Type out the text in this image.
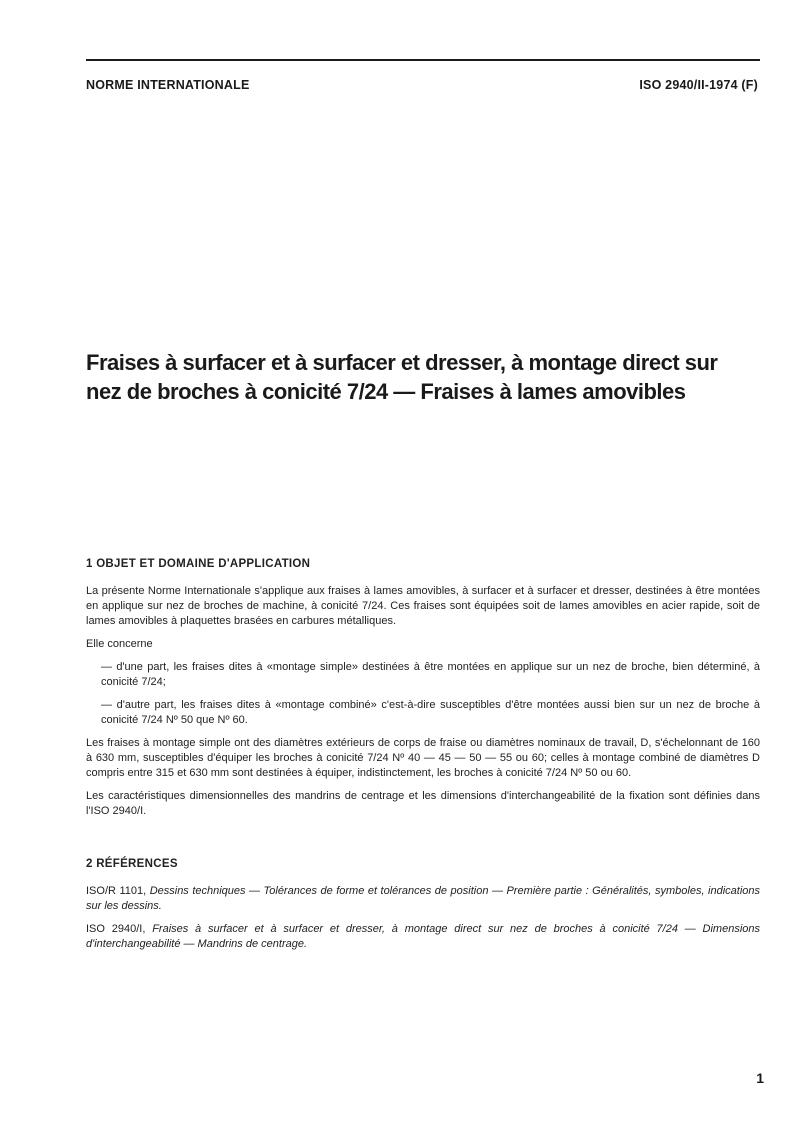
NORME INTERNATIONALE	ISO 2940/II-1974 (F)
Fraises à surfacer et à surfacer et dresser, à montage direct sur
nez de broches à conicité 7/24 — Fraises à lames amovibles
1 OBJET ET DOMAINE D'APPLICATION

La présente Norme Internationale s'applique aux fraises à lames amovibles, à surfacer et à surfacer et dresser, destinées à être montées en applique sur nez de broches de machine, à conicité 7/24. Ces fraises sont équipées soit de lames amovibles en acier rapide, soit de lames amovibles à plaquettes brasées en carbures métalliques.

Elle concerne

— d'une part, les fraises dites à «montage simple» destinées à être montées en applique sur un nez de broche, bien déterminé, à conicité 7/24;

— d'autre part, les fraises dites à «montage combiné» c'est-à-dire susceptibles d'être montées aussi bien sur un nez de broche à conicité 7/24 Nº 50 que Nº 60.

Les fraises à montage simple ont des diamètres extérieurs de corps de fraise ou diamètres nominaux de travail, D, s'échelonnant de 160 à 630 mm, susceptibles d'équiper les broches à conicité 7/24 Nº 40 — 45 — 50 — 55 ou 60; celles à montage combiné de diamètres D compris entre 315 et 630 mm sont destinées à équiper, indistinctement, les broches à conicité 7/24 Nº 50 ou 60.

Les caractéristiques dimensionnelles des mandrins de centrage et les dimensions d'interchangeabilité de la fixation sont définies dans l'ISO 2940/I.

2 RÉFÉRENCES

ISO/R 1101, Dessins techniques — Tolérances de forme et tolérances de position — Première partie : Généralités, symboles, indications sur les dessins.

ISO 2940/I, Fraises à surfacer et à surfacer et dresser, à montage direct sur nez de broches à conicité 7/24 — Dimensions d'interchangeabilité — Mandrins de centrage.

1
